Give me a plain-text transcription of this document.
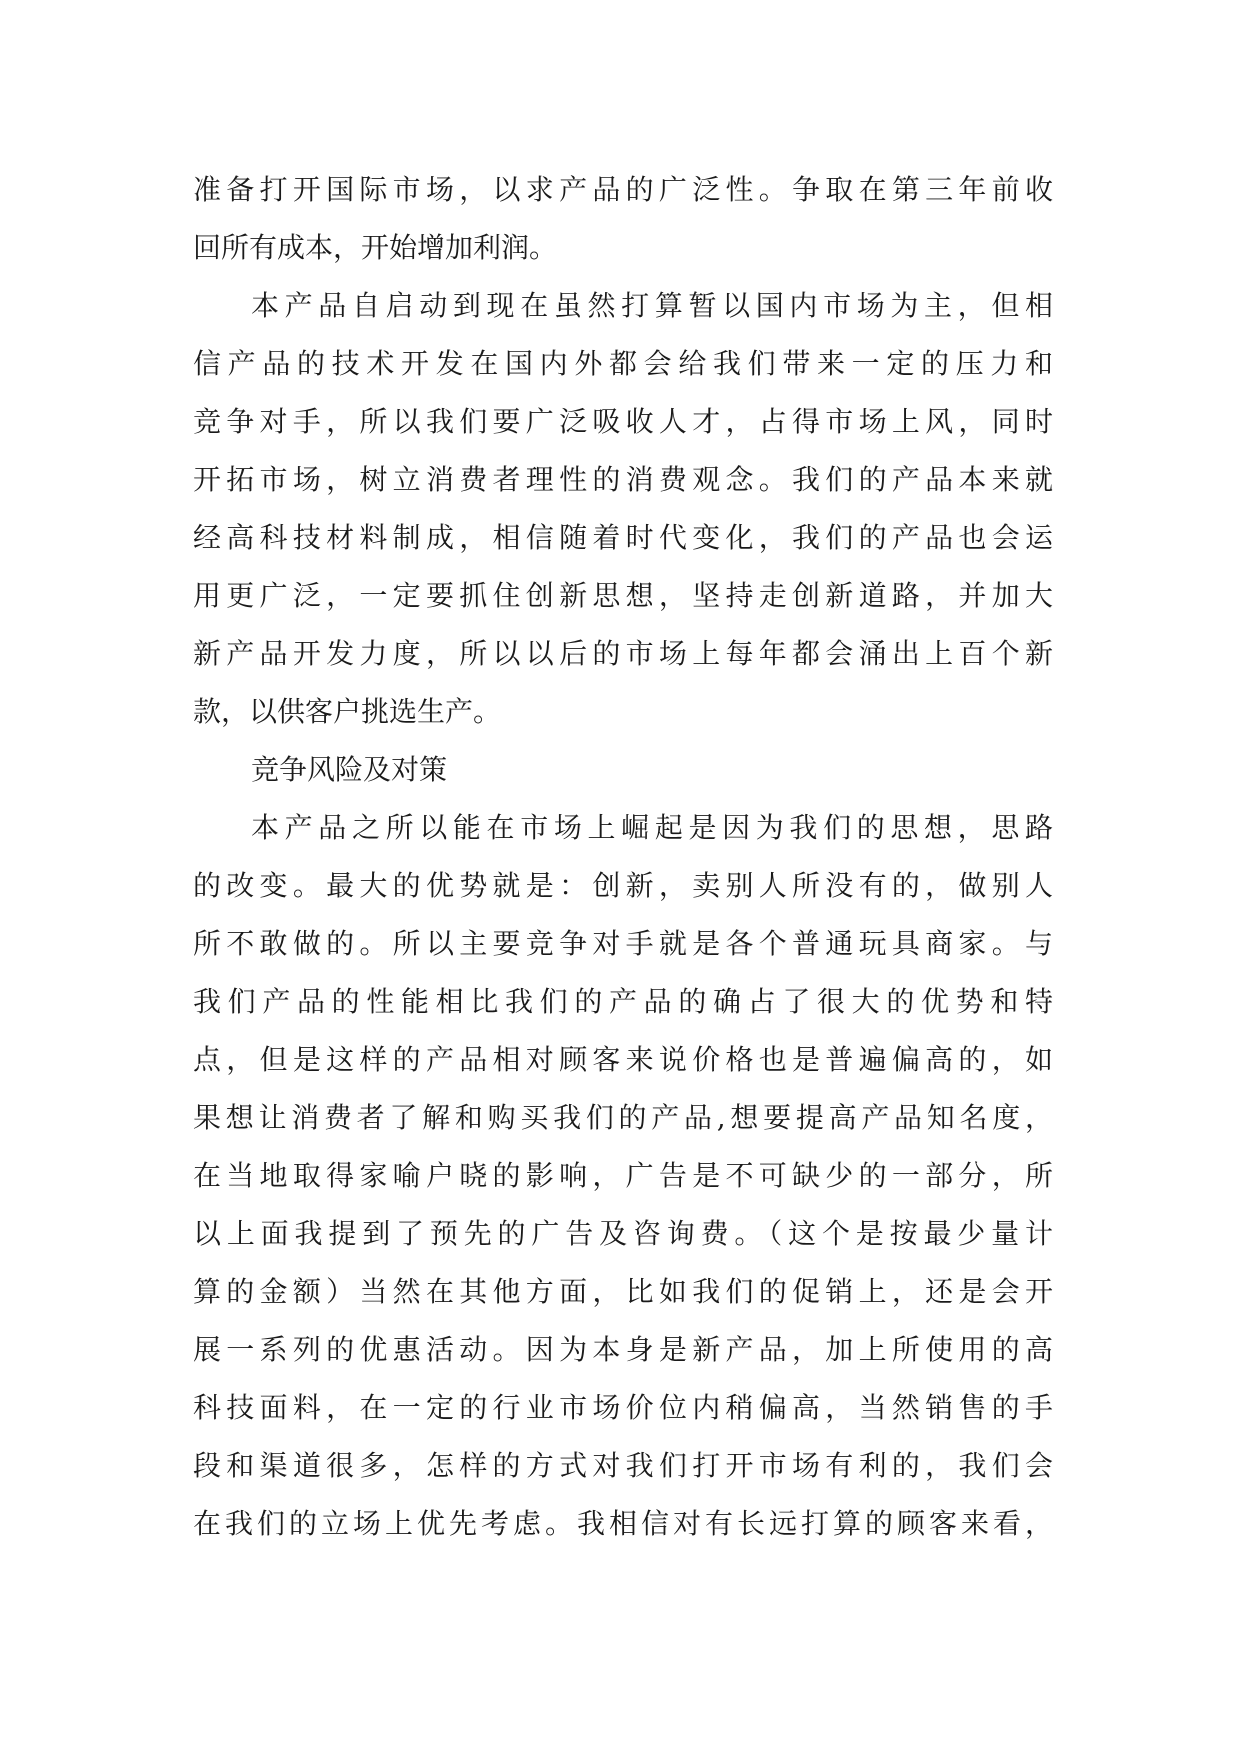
准备打开国际市场，以求产品的广泛性。争取在第三年前收
回所有成本，开始增加利润。
本产品自启动到现在虽然打算暂以国内市场为主，但相
信产品的技术开发在国内外都会给我们带来一定的压力和
竞争对手，所以我们要广泛吸收人才，占得市场上风，同时
开拓市场，树立消费者理性的消费观念。我们的产品本来就
经高科技材料制成，相信随着时代变化，我们的产品也会运
用更广泛，一定要抓住创新思想，坚持走创新道路，并加大
新产品开发力度，所以以后的市场上每年都会涌出上百个新
款，以供客户挑选生产。
竞争风险及对策
本产品之所以能在市场上崛起是因为我们的思想，思路
的改变。最大的优势就是：创新，卖别人所没有的，做别人
所不敢做的。所以主要竞争对手就是各个普通玩具商家。与
我们产品的性能相比我们的产品的确占了很大的优势和特
点，但是这样的产品相对顾客来说价格也是普遍偏高的，如
果想让消费者了解和购买我们的产品,想要提高产品知名度，
在当地取得家喻户晓的影响，广告是不可缺少的一部分，所
以上面我提到了预先的广告及咨询费。（这个是按最少量计
算的金额）当然在其他方面，比如我们的促销上，还是会开
展一系列的优惠活动。因为本身是新产品，加上所使用的高
科技面料，在一定的行业市场价位内稍偏高，当然销售的手
段和渠道很多，怎样的方式对我们打开市场有利的，我们会
在我们的立场上优先考虑。我相信对有长远打算的顾客来看，
